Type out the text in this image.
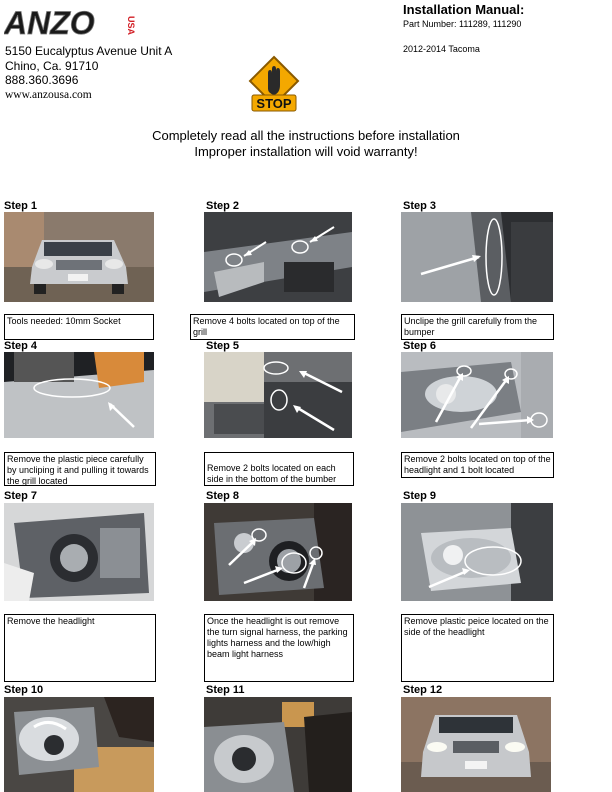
ANZO	USA
5150 Eucalyptus Avenue Unit A
Chino, Ca. 91710
888.360.3696
www.anzousa.com
Installation Manual:
Part Number: 111289, 111290
2012-2014 Tacoma
STOP
Completely read all the instructions before installation
Improper installation will void warranty!
Step 1
Tools needed: 10mm Socket
Step 2
Remove 4 bolts located on top of the grill
Step 3
Unclipe the grill carefully from the bumper
Step 4
Remove the plastic piece carefully by uncliping it and pulling it towards the grill located
Step 5
Remove 2 bolts located on each side in the bottom of the bumber
Step 6
Remove 2 bolts located on top of the headlight and 1 bolt located
Step 7
Remove the headlight
Step 8
Once the headlight is out remove the turn signal harness, the parking lights harness and the low/high beam light harness
Step 9
Remove plastic peice located on the side of the headlight
Step 10	Step 11	Step 12
